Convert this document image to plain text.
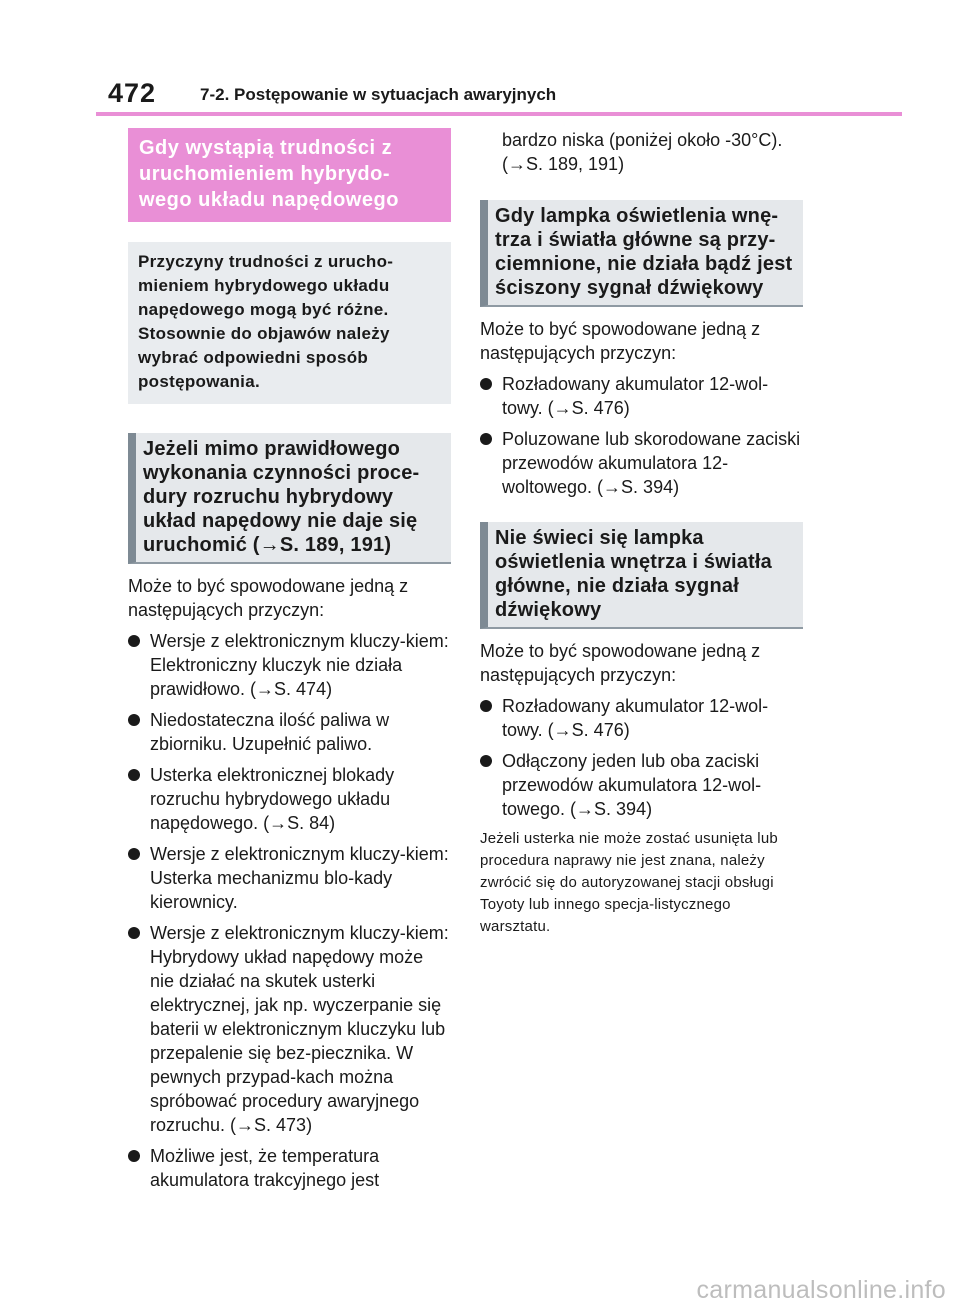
472	7-2. Postępowanie w sytuacjach awaryjnych
Gdy wystąpią trudności z uruchomieniem hybrydo-wego układu napędowego
Przyczyny trudności z urucho-mieniem hybrydowego układu napędowego mogą być różne. Stosownie do objawów należy wybrać odpowiedni sposób postępowania.
Jeżeli mimo prawidłowego wykonania czynności proce-dury rozruchu hybrydowy układ napędowy nie daje się uruchomić (→S. 189, 191)
Może to być spowodowane jedną z następujących przyczyn:
Wersje z elektronicznym kluczy-kiem: Elektroniczny kluczyk nie działa prawidłowo. (→S. 474)
Niedostateczna ilość paliwa w zbiorniku. Uzupełnić paliwo.
Usterka elektronicznej blokady rozruchu hybrydowego układu napędowego. (→S. 84)
Wersje z elektronicznym kluczy-kiem: Usterka mechanizmu blo-kady kierownicy.
Wersje z elektronicznym kluczy-kiem: Hybrydowy układ napędowy może nie działać na skutek usterki elektrycznej, jak np. wyczerpanie się baterii w elektronicznym kluczyku lub przepalenie się bez-piecznika. W pewnych przypad-kach można spróbować procedury awaryjnego rozruchu. (→S. 473)
Możliwe jest, że temperatura akumulatora trakcyjnego jest
bardzo niska (poniżej około -30°C). (→S. 189, 191)
Gdy lampka oświetlenia wnę-trza i światła główne są przy-ciemnione, nie działa bądź jest ściszony sygnał dźwiękowy
Może to być spowodowane jedną z następujących przyczyn:
Rozładowany akumulator 12-wol-towy. (→S. 476)
Poluzowane lub skorodowane zaciski przewodów akumulatora 12-woltowego. (→S. 394)
Nie świeci się lampka oświetlenia wnętrza i światła główne, nie działa sygnał dźwiękowy
Może to być spowodowane jedną z następujących przyczyn:
Rozładowany akumulator 12-wol-towy. (→S. 476)
Odłączony jeden lub oba zaciski przewodów akumulatora 12-wol-towego. (→S. 394)
Jeżeli usterka nie może zostać usunięta lub procedura naprawy nie jest znana, należy zwrócić się do autoryzowanej stacji obsługi Toyoty lub innego specja-listycznego warsztatu.
carmanualsonline.info
